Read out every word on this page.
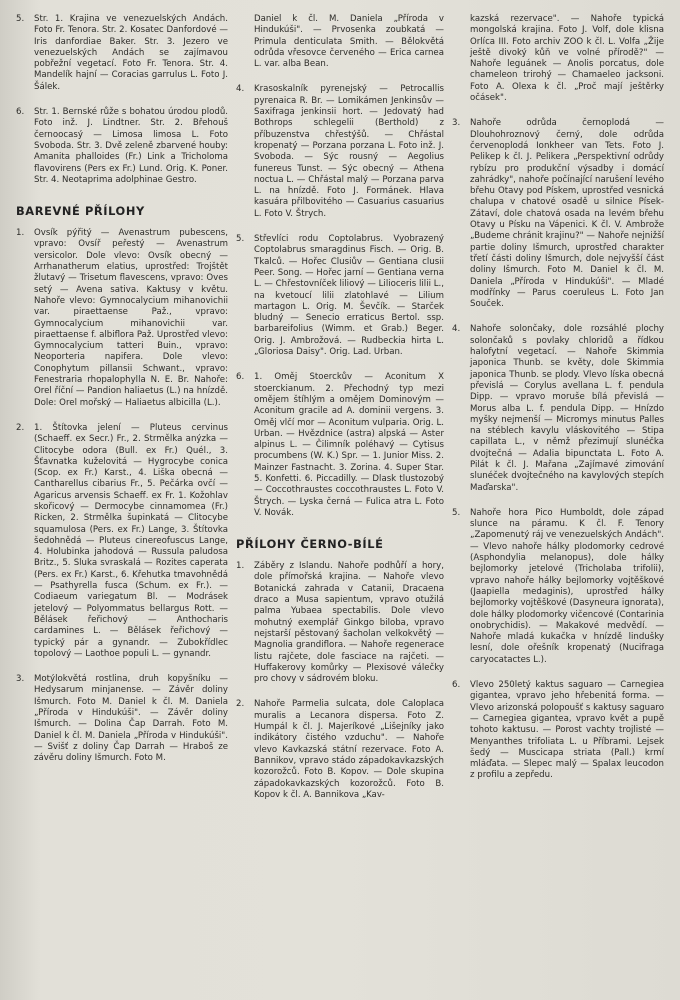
5. Str. 1. Krajina ve venezuelských Andách. Foto Fr. Tenora. Str. 2. Kosatec Danfordové — Iris danfordiae Baker. Str. 3. Jezero ve venezuelských Andách se zajímavou pobřežní vegetací. Foto Fr. Tenora. Str. 4. Mandelík hajní — Coracias garrulus L. Foto J. Šálek.

6. Str. 1. Bernské růže s bohatou úrodou plodů. Foto inž. J. Lindtner. Str. 2. Břehouš černoocasý — Limosa limosa L. Foto Svoboda. Str. 3. Dvě zeleně zbarvené houby: Amanita phalloides (Fr.) Link a Tricholoma flavovirens (Pers ex Fr.) Lund. Orig. K. Poner. Str. 4. Neotaprima adolphinae Gestro.

BAREVNÉ PŘÍLOHY

1. Ovsík pýřitý — Avenastrum pubescens, vpravo: Ovsíř peřestý — Avenastrum versicolor. Dole vlevo: Ovsík obecný — Arrhanatherum elatius, uprostřed: Trojštět žlutavý — Trisetum flavescens, vpravo: Oves setý — Avena sativa. Kaktusy v květu. Nahoře vlevo: Gymnocalycium mihanovichii var. piraettaense Paž., vpravo: Gymnocalycium mihanovichii var. piraettaense f. albiflora Paž. Uprostřed vlevo: Gymnocalycium tatteri Buin., vpravo: Neoporteria napifera. Dole vlevo: Conophytum pillansii Schwant., vpravo: Fenestraria rhopalophylla N. E. Br. Nahoře: Orel říční — Pandion haliaetus (L.) na hnízdě. Dole: Orel mořský — Haliaetus albicilla (L.).

2. 1. Štítovka jelení — Pluteus cervinus (Schaeff. ex Secr.) Fr., 2. Strmělka anýzka — Clitocybe odora (Bull. ex Fr.) Quél., 3. Šťavnatka kuželovitá — Hygrocybe conica (Scop. ex Fr.) Karst., 4. Liška obecná — Cantharellus cibarius Fr., 5. Pečárka ovčí — Agaricus arvensis Schaeff. ex Fr. 1. Kožohlav skořicový — Dermocybe cinnamomea (Fr.) Ricken, 2. Strmělka šupinkatá — Clitocybe squamulosa (Pers. ex Fr.) Lange, 3. Štítovka šedohnědá — Pluteus cinereofuscus Lange, 4. Holubinka jahodová — Russula paludosa Britz., 5. Sluka svraskalá — Rozites caperata (Pers. ex Fr.) Karst., 6. Křehutka tmavohnědá — Psathyrella fusca (Schum. ex Fr.). — Codiaeum variegatum Bl. — Modrásek jetelový — Polyommatus bellargus Rott. — Bělásek řeřichový — Anthocharis cardamines L. — Bělásek řeřichový — typický pár a gynandr. — Zubokřídlec topolový — Laothoe populi L. — gynandr.

3. Motýlokvětá rostlina, druh kopyšníku — Hedysarum minjanense. — Závěr doliny Išmurch. Foto M. Daniel k čl. M. Daniela „Příroda v Hindukúši". — Závěr doliny Išmurch. — Dolina Čap Darrah. Foto M. Daniel k čl. M. Daniela „Příroda v Hindukúši". — Svišť z doliny Čap Darrah — Hraboš ze závěru doliny Išmurch. Foto M.

Daniel k čl. M. Daniela „Příroda v Hindukúši". — Prvosenka zoubkatá — Primula denticulata Smith. — Bělokvětá odrůda vřesovce červeného — Erica carnea L. var. alba Bean.

4. Krasoskalník pyrenejský — Petrocallis pyrenaica R. Br. — Lomikámen Jenkinsův — Saxifraga jenkinsii hort. — Jedovatý had Bothrops schlegelii (Berthold) z příbuzenstva chřestýšů. — Chřástal kropenatý — Porzana porzana L. Foto inž. J. Svoboda. — Sýc rousný — Aegolius funereus Tunst. — Sýc obecný — Athena noctua L. — Chřástal malý — Porzana parva L. na hnízdě. Foto J. Formánek. Hlava kasuára přilbovitého — Casuarius casuarius L. Foto V. Štrych.

5. Střevlíci rodu Coptolabrus. Vyobrazený Coptolabrus smaragdinus Fisch. — Orig. B. Tkalců. — Hořec Clusiův — Gentiana clusii Peer. Song. — Hořec jarní — Gentiana verna L. — Chřestovníček liliový — Lilioceris lilii L., na kvetoucí lilii zlatohlavé — Lilium martagon L. Orig. M. Ševčík. — Starček bludný — Senecio erraticus Bertol. ssp. barbareifolius (Wimm. et Grab.) Beger. Orig. J. Ambrožová. — Rudbeckia hirta L. „Gloriosa Daisy". Orig. Lad. Urban.

6. 1. Oměj Stoerckův — Aconitum X stoerckianum. 2. Přechodný typ mezi omějem štíhlým a omějem Dominovým — Aconitum gracile ad A. dominii vergens. 3. Oměj vlčí mor — Aconitum vulparia. Orig. L. Urban. — Hvězdnice (astra) alpská — Aster alpinus L. — Čilimník poléhavý — Cytisus procumbens (W. K.) Spr. — 1. Junior Miss. 2. Mainzer Fastnacht. 3. Zorina. 4. Super Star. 5. Konfetti. 6. Piccadilly. — Dlask tlustozobý — Coccothraustes coccothraustes L. Foto V. Štrych. — Lyska černá — Fulica atra L. Foto V. Novák.

PŘÍLOHY ČERNO-BÍLÉ

1. Záběry z Islandu. Nahoře podhůří a hory, dole přímořská krajina. — Nahoře vlevo Botanická zahrada v Catanii, Dracaena draco a Musa sapientum, vpravo otužilá palma Yubaea spectabilis. Dole vlevo mohutný exemplář Ginkgo biloba, vpravo nejstarší pěstovaný šacholan velkokvětý — Magnolia grandiflora. — Nahoře regenerace listu rajčete, dole fasciace na rajčeti. — Huffakerovy komůrky — Plexisové válečky pro chovy v sádrovém bloku.

2. Nahoře Parmelia sulcata, dole Caloplaca muralis a Lecanora dispersa. Foto Z. Humpál k čl. J. Majeríkové „Lišejníky jako indikátory čistého vzduchu". — Nahoře vlevo Kavkazská státní rezervace. Foto A. Bannikov, vpravo stádo západokavkazských kozorožců. Foto B. Kopov. — Dole skupina západokavkazských kozorožců. Foto B. Kopov k čl. A. Bannikova „Kav-

kazská rezervace". — Nahoře typická mongolská krajina. Foto J. Volf, dole klisna Orlíca III. Foto archiv ZOO k čl. L. Volfa „Žije ještě divoký kůň ve volné přírodě?" — Nahoře leguánek — Anolis porcatus, dole chameleon trirohý — Chamaeleo jacksoni. Foto A. Olexa k čl. „Proč mají ještěrky očásek".

3. Nahoře odrůda černoplodá — Dlouhohroznový černý, dole odrůda červenoplodá Ionkheer van Tets. Foto J. Pelikер k čl. J. Pelikera „Perspektivní odrůdy rybízu pro produkční výsadby i domácí zahrádky", nahoře počínající narušení levého břehu Otavy pod Pískem, uprostřed vesnická chalupa v chatové osadě u silnice Písek-Zátaví, dole chatová osada na levém břehu Otavy u Písku na Vápenici. K čl. V. Ambrože „Budeme chránit krajinu?" — Nahoře nejnižší partie doliny Išmurch, uprostřed charakter třetí části doliny Išmurch, dole nejvyšší část doliny Išmurch. Foto M. Daniel k čl. M. Daniela „Příroda v Hindukúši". — Mladé modřínky — Parus coeruleus L. Foto Jan Souček.

4. Nahoře solončaky, dole rozsáhlé plochy solončaků s povlaky chloridů a řídkou halofytní vegetací. — Nahoře Skimmia japonica Thunb. se květy, dole Skimmia japonica Thunb. se plody. Vlevo líska obecná převislá — Corylus avellana L. f. pendula Dipp. — vpravo moruše bílá převislá — Morus alba L. f. pendula Dipp. — Hnízdo myšky nejmenší — Micromys minutus Palles na stéblech kavylu vláskovitého — Stipa capillata L., v němž přezimují slunéčka dvojtečná — Adalia bipunctata L. Foto A. Pilát k čl. J. Mařana „Zajímavé zimování slunéček dvojtečného na kavylových stepích Maďarska".

5. Nahoře hora Pico Humboldt, dole západ slunce na páramu. K čl. F. Tenory „Zapomenutý ráj ve venezuelských Andách". — Vlevo nahoře hálky plodomorky cedrové (Asphondylia melanopus), dole hálky bejlomorky jetelové (Tricholaba trifolii), vpravo nahoře hálky bejlomorky vojtěškové (Jaapiella medaginis), uprostřed hálky bejlomorky vojtěškové (Dasyneura ignorata), dole hálky plodomorky vičencové (Contarinia onobrychidis). — Makakové medvědí. — Nahoře mladá kukačka v hnízdě lindušky lesní, dole ořešník kropenatý (Nucifraga caryocatactes L.).

6. Vlevo 250letý kaktus saguaro — Carnegiea gigantea, vpravo jeho hřebenitá forma. — Vlevo arizonská polopoušť s kaktusy saguaro — Carnegiea gigantea, vpravo květ a pupě tohoto kaktusu. — Porost vachty trojlisté — Menyanthes trifoliata L. u Příbrami. Lejsek šedý — Muscicapa striata (Pall.) krmí mláďata. — Slepec malý — Spalax leucodon z profilu a zepředu.
